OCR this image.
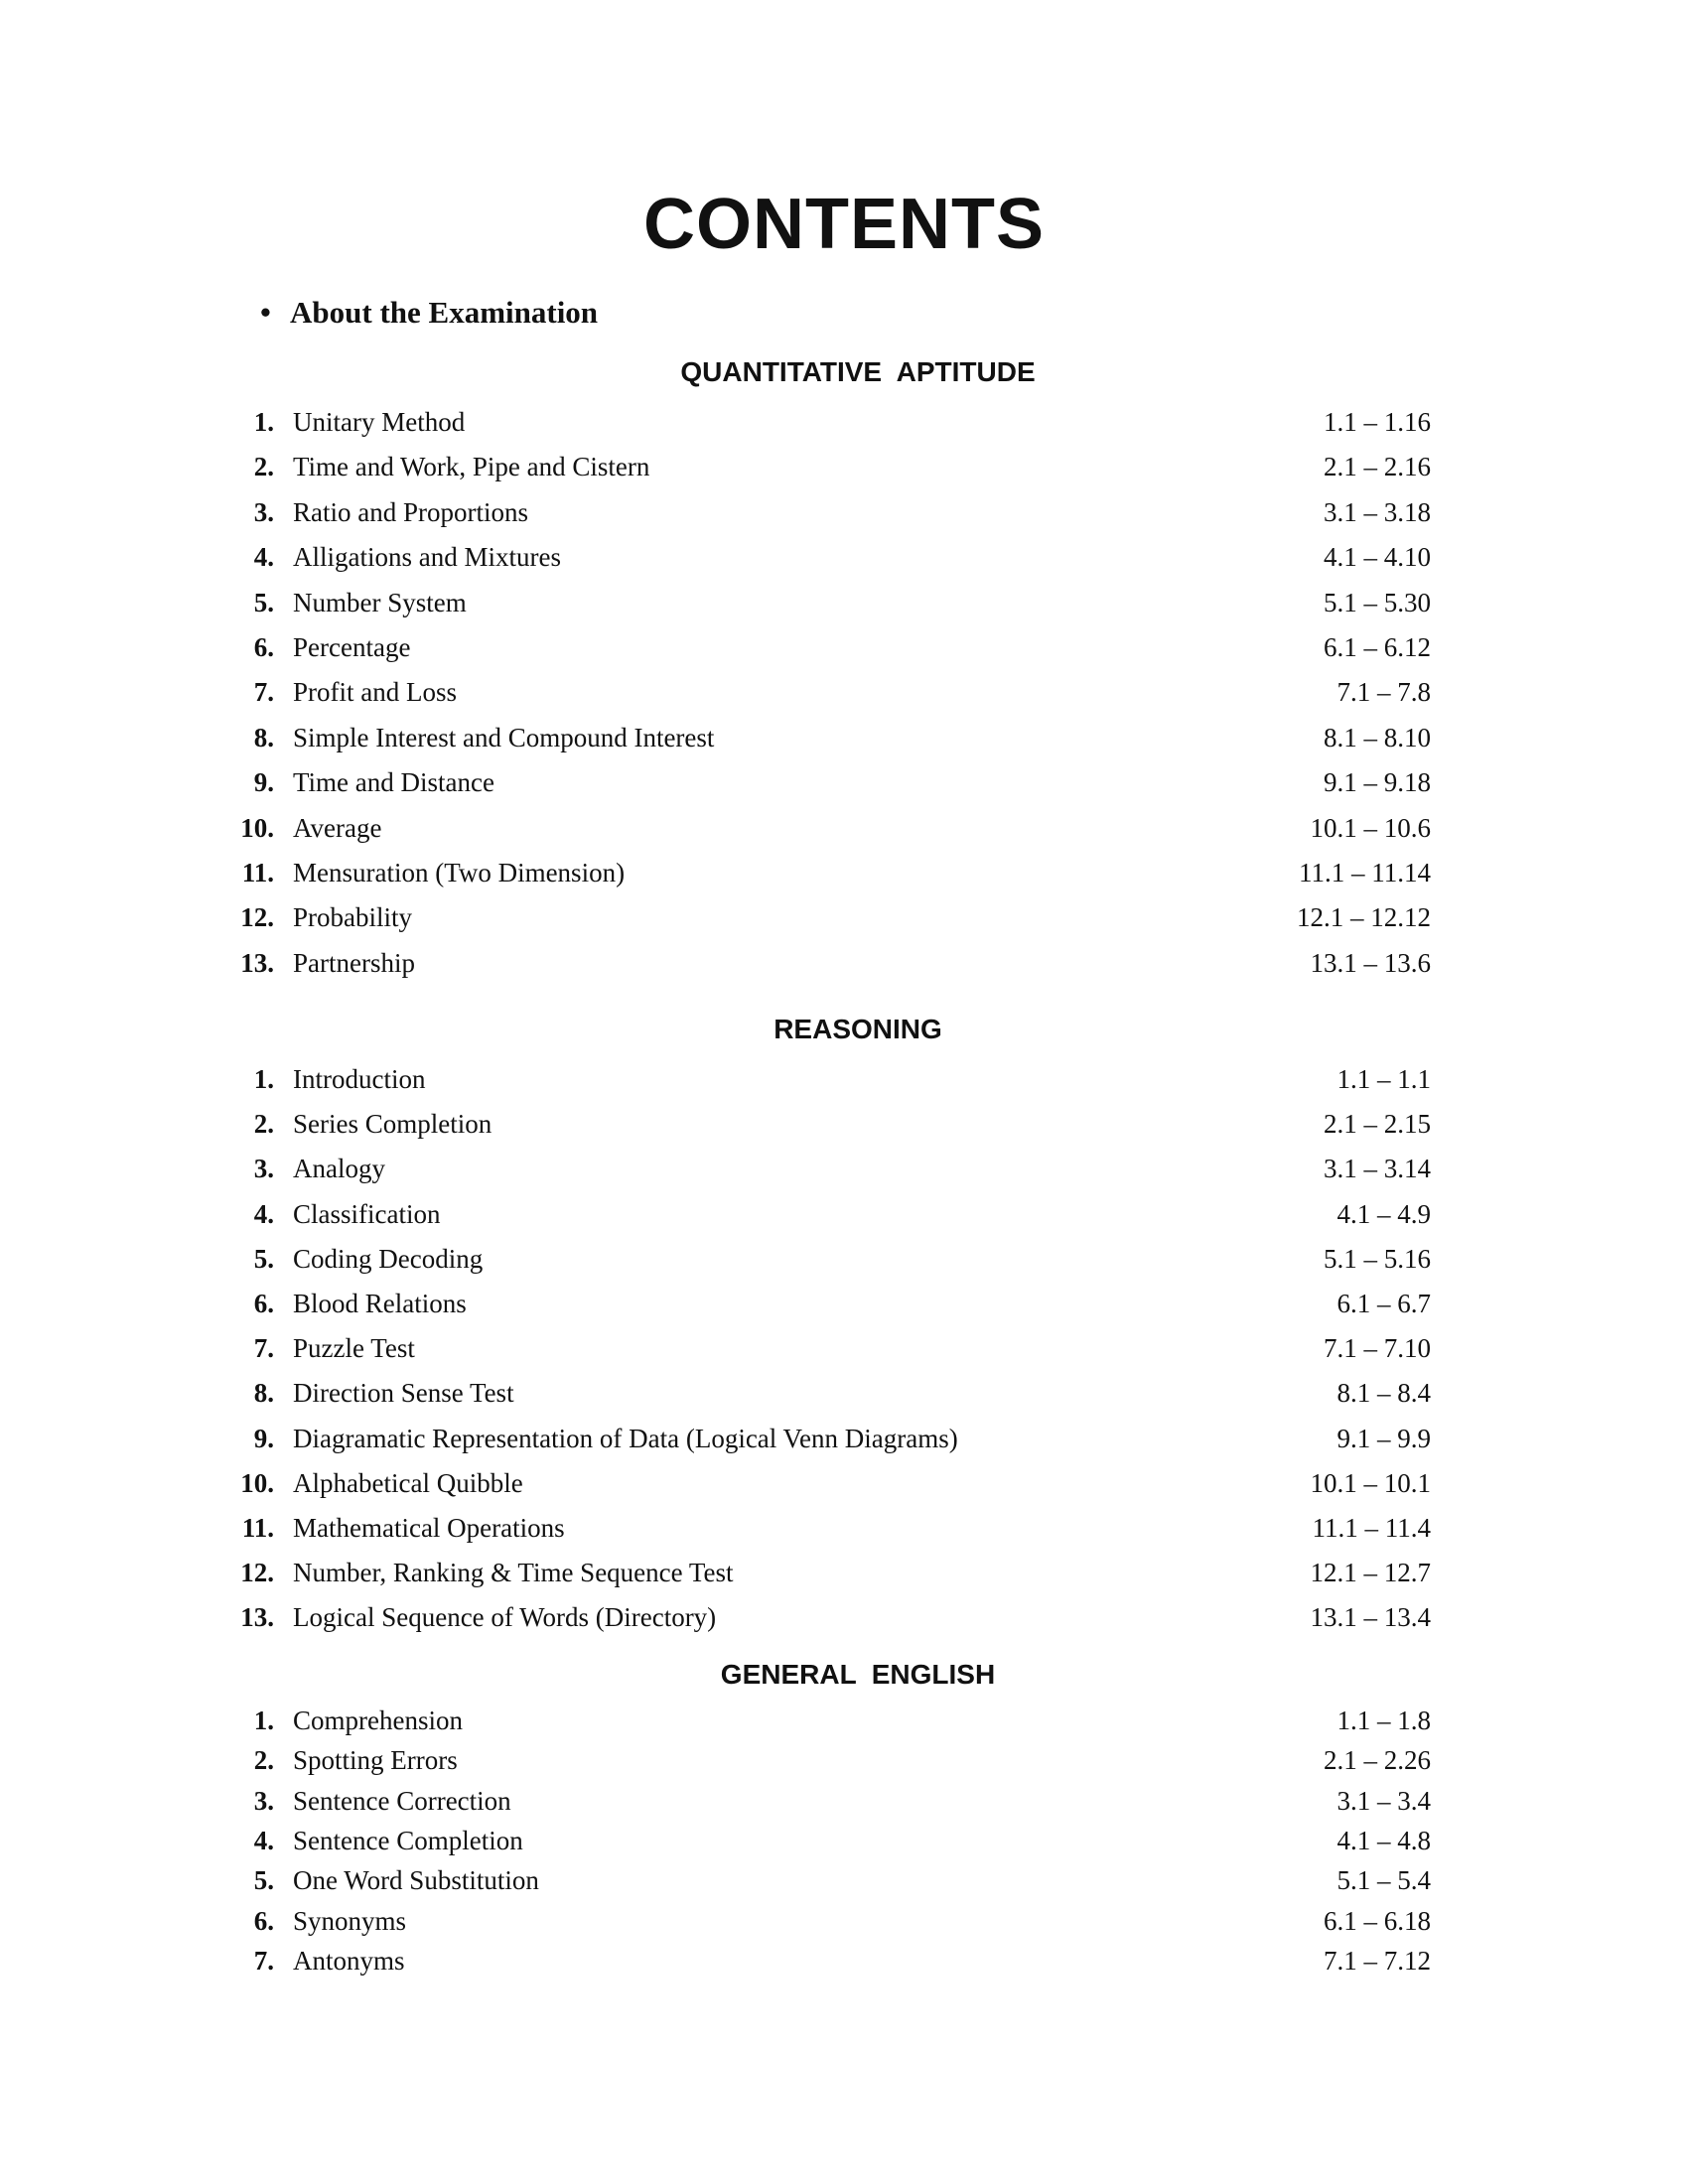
CONTENTS
• About the Examination
QUANTITATIVE  APTITUDE
1. Unitary Method	1.1 – 1.16
2. Time and Work, Pipe and Cistern	2.1 – 2.16
3. Ratio and Proportions	3.1 – 3.18
4. Alligations and Mixtures	4.1 – 4.10
5. Number System	5.1 – 5.30
6. Percentage	6.1 – 6.12
7. Profit and Loss	7.1 – 7.8
8. Simple Interest and Compound Interest	8.1 – 8.10
9. Time and Distance	9.1 – 9.18
10. Average	10.1 – 10.6
11. Mensuration (Two Dimension)	11.1 – 11.14
12. Probability	12.1 – 12.12
13. Partnership	13.1 – 13.6
REASONING
1. Introduction	1.1 – 1.1
2. Series Completion	2.1 – 2.15
3. Analogy	3.1 – 3.14
4. Classification	4.1 – 4.9
5. Coding Decoding	5.1 – 5.16
6. Blood Relations	6.1 – 6.7
7. Puzzle Test	7.1 – 7.10
8. Direction Sense Test	8.1 – 8.4
9. Diagramatic Representation of Data (Logical Venn Diagrams)	9.1 – 9.9
10. Alphabetical Quibble	10.1 – 10.1
11. Mathematical Operations	11.1 – 11.4
12. Number, Ranking & Time Sequence Test	12.1 – 12.7
13. Logical Sequence of Words (Directory)	13.1 – 13.4
GENERAL  ENGLISH
1. Comprehension	1.1 – 1.8
2. Spotting Errors	2.1 – 2.26
3. Sentence Correction	3.1 – 3.4
4. Sentence Completion	4.1 – 4.8
5. One Word Substitution	5.1 – 5.4
6. Synonyms	6.1 – 6.18
7. Antonyms	7.1 – 7.12
